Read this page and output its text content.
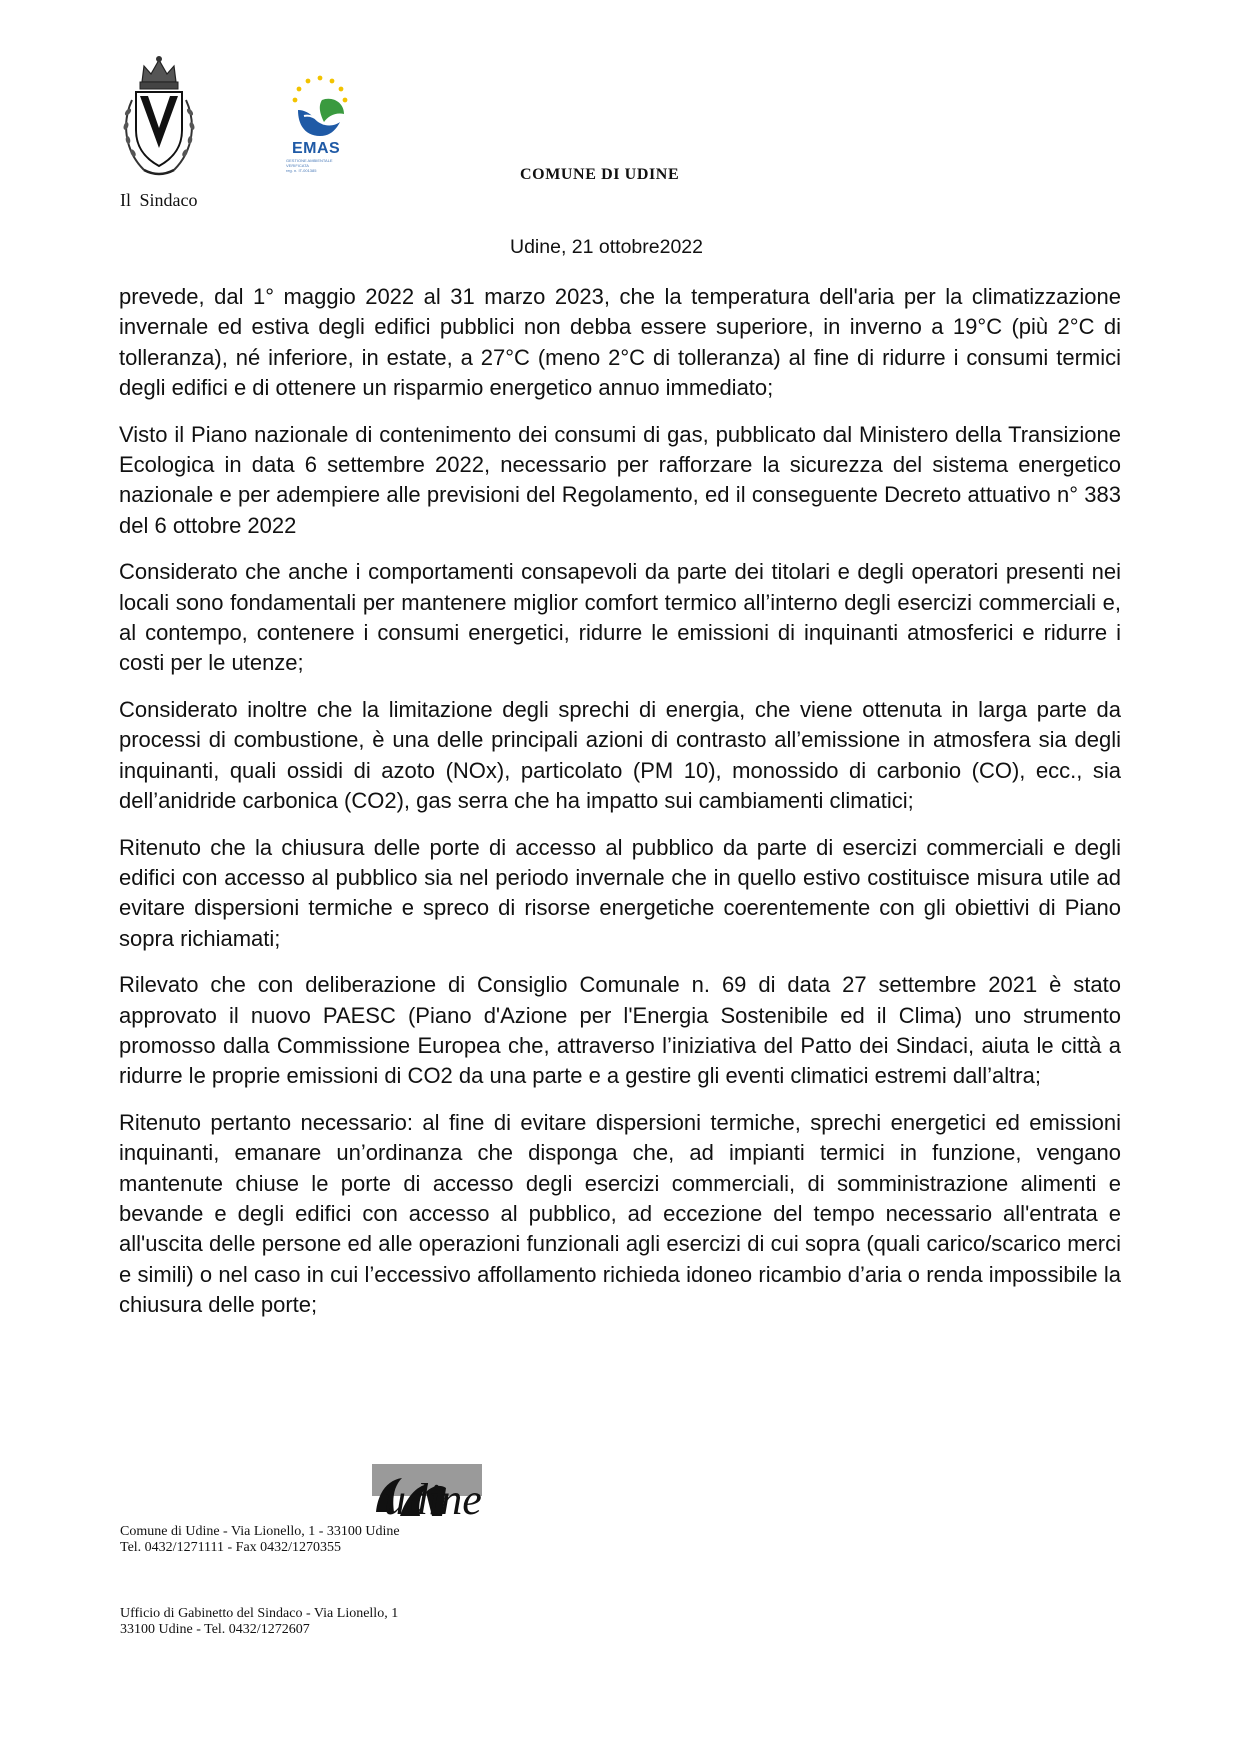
EMAS
GESTIONE AMBIENTALE
VERIFICATA
reg. n. IT-001385
Il Sindaco
COMUNE DI UDINE
Udine, 21 ottobre2022

prevede, dal 1° maggio 2022 al 31 marzo 2023, che la temperatura dell'aria per la climatizzazione invernale ed estiva degli edifici pubblici non debba essere superiore, in inverno a 19°C (più 2°C di tolleranza), né inferiore, in estate, a 27°C (meno 2°C di tolleranza) al fine di ridurre i consumi termici degli edifici e di ottenere un risparmio energetico annuo immediato;

Visto il Piano nazionale di contenimento dei consumi di gas, pubblicato dal Ministero della Transizione Ecologica in data 6 settembre 2022, necessario per rafforzare la sicurezza del sistema energetico nazionale e per adempiere alle previsioni del Regolamento, ed il conseguente Decreto attuativo n° 383 del 6 ottobre 2022

Considerato che anche i comportamenti consapevoli da parte dei titolari e degli operatori presenti nei locali sono fondamentali per mantenere miglior comfort termico all’interno degli esercizi commerciali e, al contempo, contenere i consumi energetici, ridurre le emissioni di inquinanti atmosferici e ridurre i costi per le utenze;

Considerato inoltre che la limitazione degli sprechi di energia, che viene ottenuta in larga parte da processi di combustione, è una delle principali azioni di contrasto all’emissione in atmosfera sia degli inquinanti, quali ossidi di azoto (NOx), particolato (PM 10), monossido di carbonio (CO), ecc., sia dell’anidride carbonica (CO2), gas serra che ha impatto sui cambiamenti climatici;

Ritenuto che la chiusura delle porte di accesso al pubblico da parte di esercizi commerciali e degli edifici con accesso al pubblico sia nel periodo invernale che in quello estivo costituisce misura utile ad evitare dispersioni termiche e spreco di risorse energetiche coerentemente con gli obiettivi di Piano sopra richiamati;

Rilevato che con deliberazione di Consiglio Comunale n. 69 di data 27 settembre 2021 è stato approvato il nuovo PAESC (Piano d'Azione per l'Energia Sostenibile ed il Clima) uno strumento promosso dalla Commissione Europea che, attraverso l’iniziativa del Patto dei Sindaci, aiuta le città a ridurre le proprie emissioni di CO2 da una parte e a gestire gli eventi climatici estremi dall’altra;

Ritenuto pertanto necessario: al fine di evitare dispersioni termiche, sprechi energetici ed emissioni inquinanti, emanare un’ordinanza che disponga che, ad impianti termici in funzione, vengano mantenute chiuse le porte di accesso degli esercizi commerciali, di somministrazione alimenti e bevande e degli edifici con accesso al pubblico, ad eccezione del tempo necessario all'entrata e all'uscita delle persone ed alle operazioni funzionali agli esercizi di cui sopra (quali carico/scarico merci e simili) o nel caso in cui l’eccessivo affollamento richieda idoneo ricambio d’aria o renda impossibile la chiusura delle porte;

udine
Comune di Udine - Via Lionello, 1 - 33100 Udine
Tel. 0432/1271111 - Fax 0432/1270355
Ufficio di Gabinetto del Sindaco - Via Lionello, 1
33100 Udine - Tel. 0432/1272607
